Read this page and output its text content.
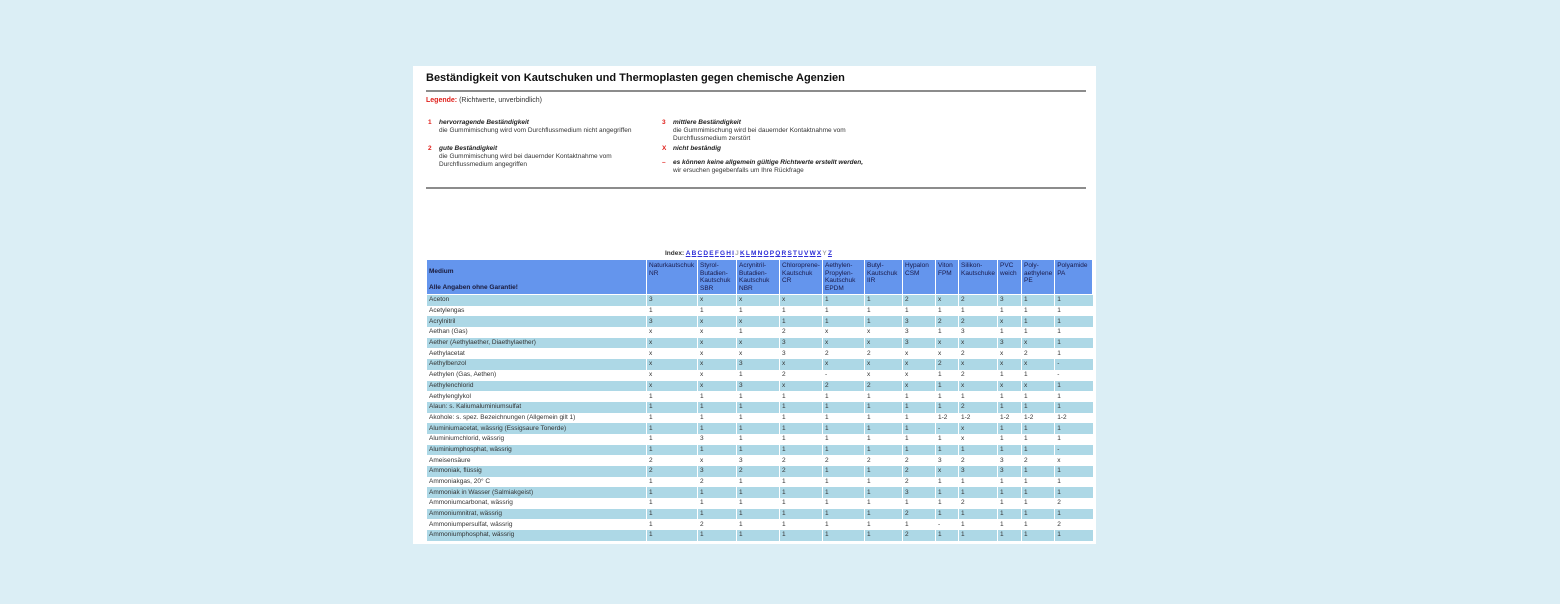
Beständigkeit von Kautschuken und Thermoplasten gegen chemische Agenzien
Legende: (Richtwerte, unverbindlich)
1	hervorragende Beständigkeit
die Gummimischung wird vom Durchflussmedium nicht angegriffen
2	gute Beständigkeit
die Gummimischung wird bei dauernder Kontaktnahme vom Durchflussmedium angegriffen
3	mittlere Beständigkeit
die Gummimischung wird bei dauernder Kontaktnahme vom Durchflussmedium zerstört
X	nicht beständig
–	es können keine allgemein gültige Richtwerte erstellt werden,
wir ersuchen gegebenfalls um Ihre Rückfrage
Index: ABCDEFGHIJKLMNOPQRSTUVWXYZ
Medium
Alle Angaben ohne Garantie!	Naturkautschuk NR	Styrol-Butadien-Kautschuk SBR	Acrynitril-Butadien-Kautschuk NBR	Chloroprene-Kautschuk CR	Aethylen-Propylen-Kautschuk EPDM	Butyl-Kautschuk IIR	Hypalon CSM	Viton FPM	Silikon-Kautschuke	PVC weich	Poly-aethylene PE	Polyamide PA
Aceton	3	x	x	x	1	1	2	x	2	3	1	1
Acetylengas	1	1	1	1	1	1	1	1	1	1	1	1
Acrylnitril	3	x	x	1	1	1	3	2	2	x	1	1
Aethan (Gas)	x	x	1	2	x	x	3	1	3	1	1	1
Aether (Aethylaether, Diaethylaether)	x	x	x	3	x	x	3	x	x	3	x	1
Aethylacetat	x	x	x	3	2	2	x	x	2	x	2	1
Aethylbenzol	x	x	3	x	x	x	x	2	x	x	x	-
Aethylen (Gas, Aethen)	x	x	1	2	-	x	x	1	2	1	1	-
Aethylenchlorid	x	x	3	x	2	2	x	1	x	x	x	1
Aethylenglykol	1	1	1	1	1	1	1	1	1	1	1	1
Alaun: s. Kaliumaluminiumsulfat	1	1	1	1	1	1	1	1	2	1	1	1
Akohole: s. spez. Bezeichnungen (Allgemein gilt 1)	1	1	1	1	1	1	1	1-2	1-2	1-2	1-2	1-2
Aluminiumacetat, wässrig (Essigsaure Tonerde)	1	1	1	1	1	1	1	-	x	1	1	1
Aluminiumchlorid, wässrig	1	3	1	1	1	1	1	1	x	1	1	1
Aluminiumphosphat, wässrig	1	1	1	1	1	1	1	1	1	1	1	-
Ameisensäure	2	x	3	2	2	2	2	3	2	3	2	x
Ammoniak, flüssig	2	3	2	2	1	1	2	x	3	3	1	1
Ammoniakgas, 20° C	1	2	1	1	1	1	2	1	1	1	1	1
Ammoniak in Wasser (Salmiakgeist)	1	1	1	1	1	1	3	1	1	1	1	1
Ammoniumcarbonat, wässrig	1	1	1	1	1	1	1	1	2	1	1	2
Ammoniumnitrat, wässrig	1	1	1	1	1	1	2	1	1	1	1	1
Ammoniumpersulfat, wässrig	1	2	1	1	1	1	1	-	1	1	1	2
Ammoniumphosphat, wässrig	1	1	1	1	1	1	2	1	1	1	1	1
